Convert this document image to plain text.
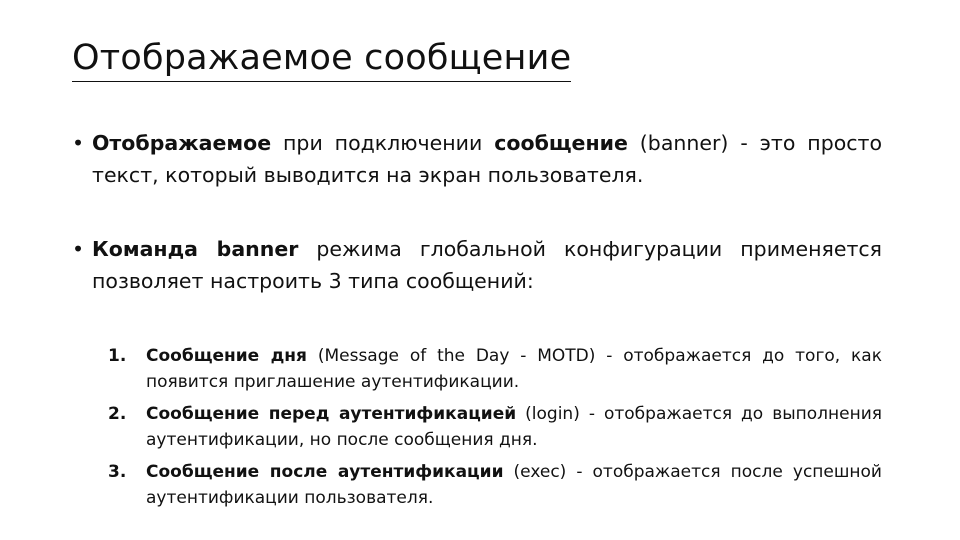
Отображаемое сообщение
• Отображаемое при подключении сообщение (banner) - это просто текст, который выводится на экран пользователя.
• Команда banner режима глобальной конфигурации применяется позволяет настроить 3 типа сообщений:
1. Сообщение дня (Message of the Day - MOTD) - отображается до того, как появится приглашение аутентификации.
2. Сообщение перед аутентификацией (login) - отображается до выполнения аутентификации, но после сообщения дня.
3. Сообщение после аутентификации (exec) - отображается после успешной аутентификации пользователя.
